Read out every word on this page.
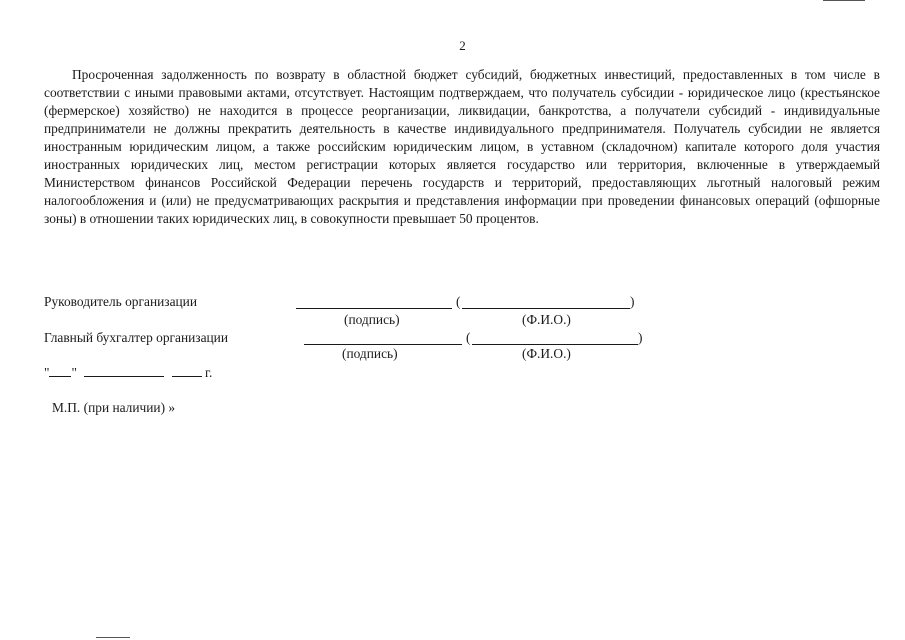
2

Просроченная задолженность по возврату в областной бюджет субсидий, бюджетных инвестиций, предоставленных в том числе в соответствии с иными правовыми актами, отсутствует. Настоящим подтверждаем, что получатель субсидии - юридическое лицо (крестьянское (фермерское) хозяйство) не находится в процессе реорганизации, ликвидации, банкротства, а получатели субсидий - индивидуальные предприниматели не должны прекратить деятельность в качестве индивидуального предпринимателя. Получатель субсидии не является иностранным юридическим лицом, а также российским юридическим лицом, в уставном (складочном) капитале которого доля участия иностранных юридических лиц, местом регистрации которых является государство или территория, включенные в утверждаемый Министерством финансов Российской Федерации перечень государств и территорий, предоставляющих льготный налоговый режим налогообложения и (или) не предусматривающих раскрытия и представления информации при проведении финансовых операций (офшорные зоны) в отношении таких юридических лиц, в совокупности превышает 50 процентов.

Руководитель организации	(	)
(подпись)	(Ф.И.О.)
Главный бухгалтер организации	(	)
(подпись)	(Ф.И.О.)
" "	г.
М.П. (при наличии) »
